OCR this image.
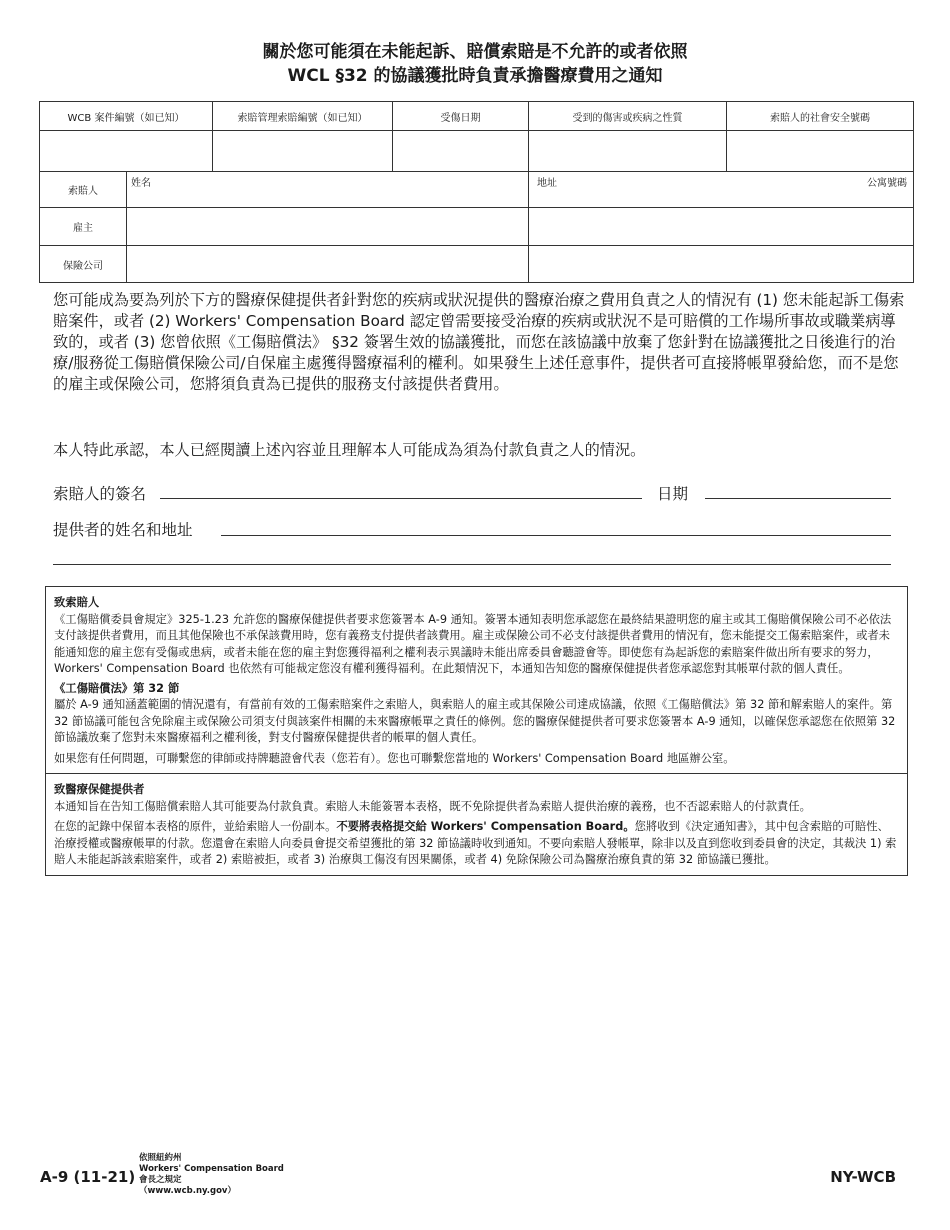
關於您可能須在未能起訴、賠償索賠是不允許的或者依照
WCL §32 的協議獲批時負責承擔醫療費用之通知
WCB 案件編號（如已知）		索賠管理索賠編號（如已知）	受傷日期	受到的傷害或疾病之性質	索賠人的社會安全號碼

索賠人	姓名			地址 公寓號碼	

雇主					
保險公司					
您可能成為要為列於下方的醫療保健提供者針對您的疾病或狀況提供的醫療治療之費用負責之人的情況有 (1) 您未能起訴工傷索賠案件，或者 (2) Workers' Compensation Board 認定曾需要接受治療的疾病或狀況不是可賠償的工作場所事故或職業病導致的，或者 (3) 您曾依照《工傷賠償法》 §32 簽署生效的協議獲批，而您在該協議中放棄了您針對在協議獲批之日後進行的治療/服務從工傷賠償保險公司/自保雇主處獲得醫療福利的權利。如果發生上述任意事件，提供者可直接將帳單發給您，而不是您的雇主或保險公司，您將須負責為已提供的服務支付該提供者費用。
本人特此承認，本人已經閱讀上述內容並且理解本人可能成為須為付款負責之人的情況。
索賠人的簽名	日期
提供者的姓名和地址
致索賠人

《工傷賠償委員會規定》325-1.23 允許您的醫療保健提供者要求您簽署本 A-9 通知。簽署本通知表明您承認您在最終結果證明您的雇主或其工傷賠償保險公司不必依法支付該提供者費用，而且其他保險也不承保該費用時，您有義務支付提供者該費用。雇主或保險公司不必支付該提供者費用的情況有，您未能提交工傷索賠案件，或者未能通知您的雇主您有受傷或患病，或者未能在您的雇主對您獲得福利之權利表示異議時未能出席委員會聽證會等。即使您有為起訴您的索賠案件做出所有要求的努力，Workers' Compensation Board 也依然有可能裁定您沒有權利獲得福利。在此類情況下，本通知告知您的醫療保健提供者您承認您對其帳單付款的個人責任。

《工傷賠償法》第 32 節

屬於 A-9 通知涵蓋範圍的情況還有，有當前有效的工傷索賠案件之索賠人，與索賠人的雇主或其保險公司達成協議，依照《工傷賠償法》第 32 節和解索賠人的案件。第 32 節協議可能包含免除雇主或保險公司須支付與該案件相關的未來醫療帳單之責任的條例。您的醫療保健提供者可要求您簽署本 A-9 通知，以確保您承認您在依照第 32 節協議放棄了您對未來醫療福利之權利後，對支付醫療保健提供者的帳單的個人責任。

如果您有任何問題，可聯繫您的律師或持牌聽證會代表（您若有）。您也可聯繫您當地的 Workers' Compensation Board 地區辦公室。

致醫療保健提供者

本通知旨在告知工傷賠償索賠人其可能要為付款負責。索賠人未能簽署本表格，既不免除提供者為索賠人提供治療的義務，也不否認索賠人的付款責任。

在您的記錄中保留本表格的原件，並給索賠人一份副本。不要將表格提交給 Workers' Compensation Board。您將收到《決定通知書》，其中包含索賠的可賠性、治療授權或醫療帳單的付款。您還會在索賠人向委員會提交希望獲批的第 32 節協議時收到通知。不要向索賠人發帳單，除非以及直到您收到委員會的決定，其裁決 1) 索賠人未能起訴該索賠案件，或者 2) 索賠被拒，或者 3) 治療與工傷沒有因果關係，或者 4) 免除保險公司為醫療治療負責的第 32 節協議已獲批。

A-9 (11-21)
依照紐約州
Workers' Compensation Board
會長之規定
（www.wcb.ny.gov）
NY-WCB
